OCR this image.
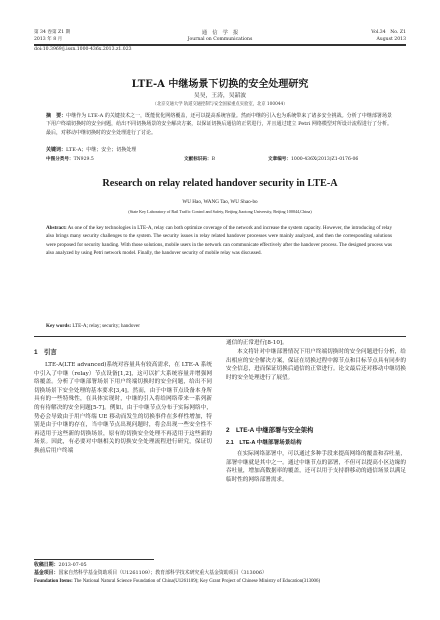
第 34 卷第 Z1 期
2013 年 8 月
通　信　学　报
Journal on Communications
Vol.34　No. Z1
August 2013
doi:10.3969/j.issn.1000-436x.2013.z1.023
LTE-A 中继场景下切换的安全处理研究
吴昊，王涛，吴韶波
（北京交通大学 轨道交通控制与安全国家重点实验室，北京 100044）
摘　要：中继作为 LTE-A 的关键技术之一，既能优化网络覆盖，还可以提高系统容量。然而中继的引入也为系统带来了诸多安全挑战。分析了中继部署场景下用户终端切换时的安全问题，给出不同切换场景的安全解决方案，以保证切换后通信的正常进行，并且通过建立 Petri 网络模型对所设计流程进行了分析。最后，对移动中继切换时的安全处理进行了讨论。
关键词：LTE-A；中继；安全；切换处理
中图分类号：TN929.5	文献标识码：B	文章编号：1000-436X(2013)Z1-0176-06
Research on relay related handover security in LTE-A
WU Hao, WANG Tao, WU Shao-bo
(State Key Laboratory of Rail Traffic Control and Safety, Beijing Jiaotong University, Beijing 100044,China)
Abstract: As one of the key technologies in LTE-A, relay can both optimize coverage of the network and increase the system capacity. However, the introducing of relay also brings many security challenges to the system. The security issues in relay related handover processes were mainly analyzed, and then the corresponding solutions were proposed for security handing. With those solutions, mobile users in the network can communicate effectively after the handover process. The designed process was also analyzed by using Petri network model. Finally, the handover security of mobile relay was discussed.
Key words: LTE-A; relay; security; handover
1　 引言
LTE-A(LTE advanced)系统对容量具有较高需求，在 LTE-A 系统中引入了中继（relay）节点设备[1,2]，这可以扩大系统容量并增强网络覆盖。分析了中继部署场景下用户终端切换时的安全问题，给出不同切换场景下安全处理的基本要求[3,4]。然而，由于中继节点设备本身所具有的一些特殊性，在具体实现时，中继的引入将给网络带来一系列新的有待解决的安全问题[5-7]。例如，由于中继节点分布于实际网络中，势必会导致由于用户终端 UE 移动而发生的切换事件在多样性增加，特别是由于中继的存在，当中继节点出现问题时，将会出现一些安全性不再适用于这些新的切换场景，原有的切换安全处理不再适用于这些新的场景。因此，有必要对中继相关的切换安全处理流程进行研究，保证切换前后用户终端
通信的正常进行[8-10]。
本文将针对中继部署情况下用户终端切换时的安全问题进行分析，给出相应的安全解决方案，保证在切换过程中源节点和目标节点具有同步的安全信息，进而保证切换后通信的正常进行。论文最后还对移动中继切换时的安全处理进行了展望。
2　 LTE-A 中继部署与安全架构
2.1　 LTE-A 中继部署场景结构
在实际网络部署中，可以通过多种手段来提高网络的覆盖和吞吐量，部署中继就是其中之一。通过中继节点的部署，不但可以提高小区边缘的吞吐量，增加高数据率的覆盖，还可以用于支持群移动的通信场景以满足临时性的网络部署需求。
收稿日期：2013-07-05
基金项目：国家自然科学基金资助项目（U1261109）；教育部科学技术研究重大基金资助项目（313006）
Foundation Items: The National Natural Science Foundation of China(U1261109); Key Grant Project of Chinese Ministry of Education(313006)
